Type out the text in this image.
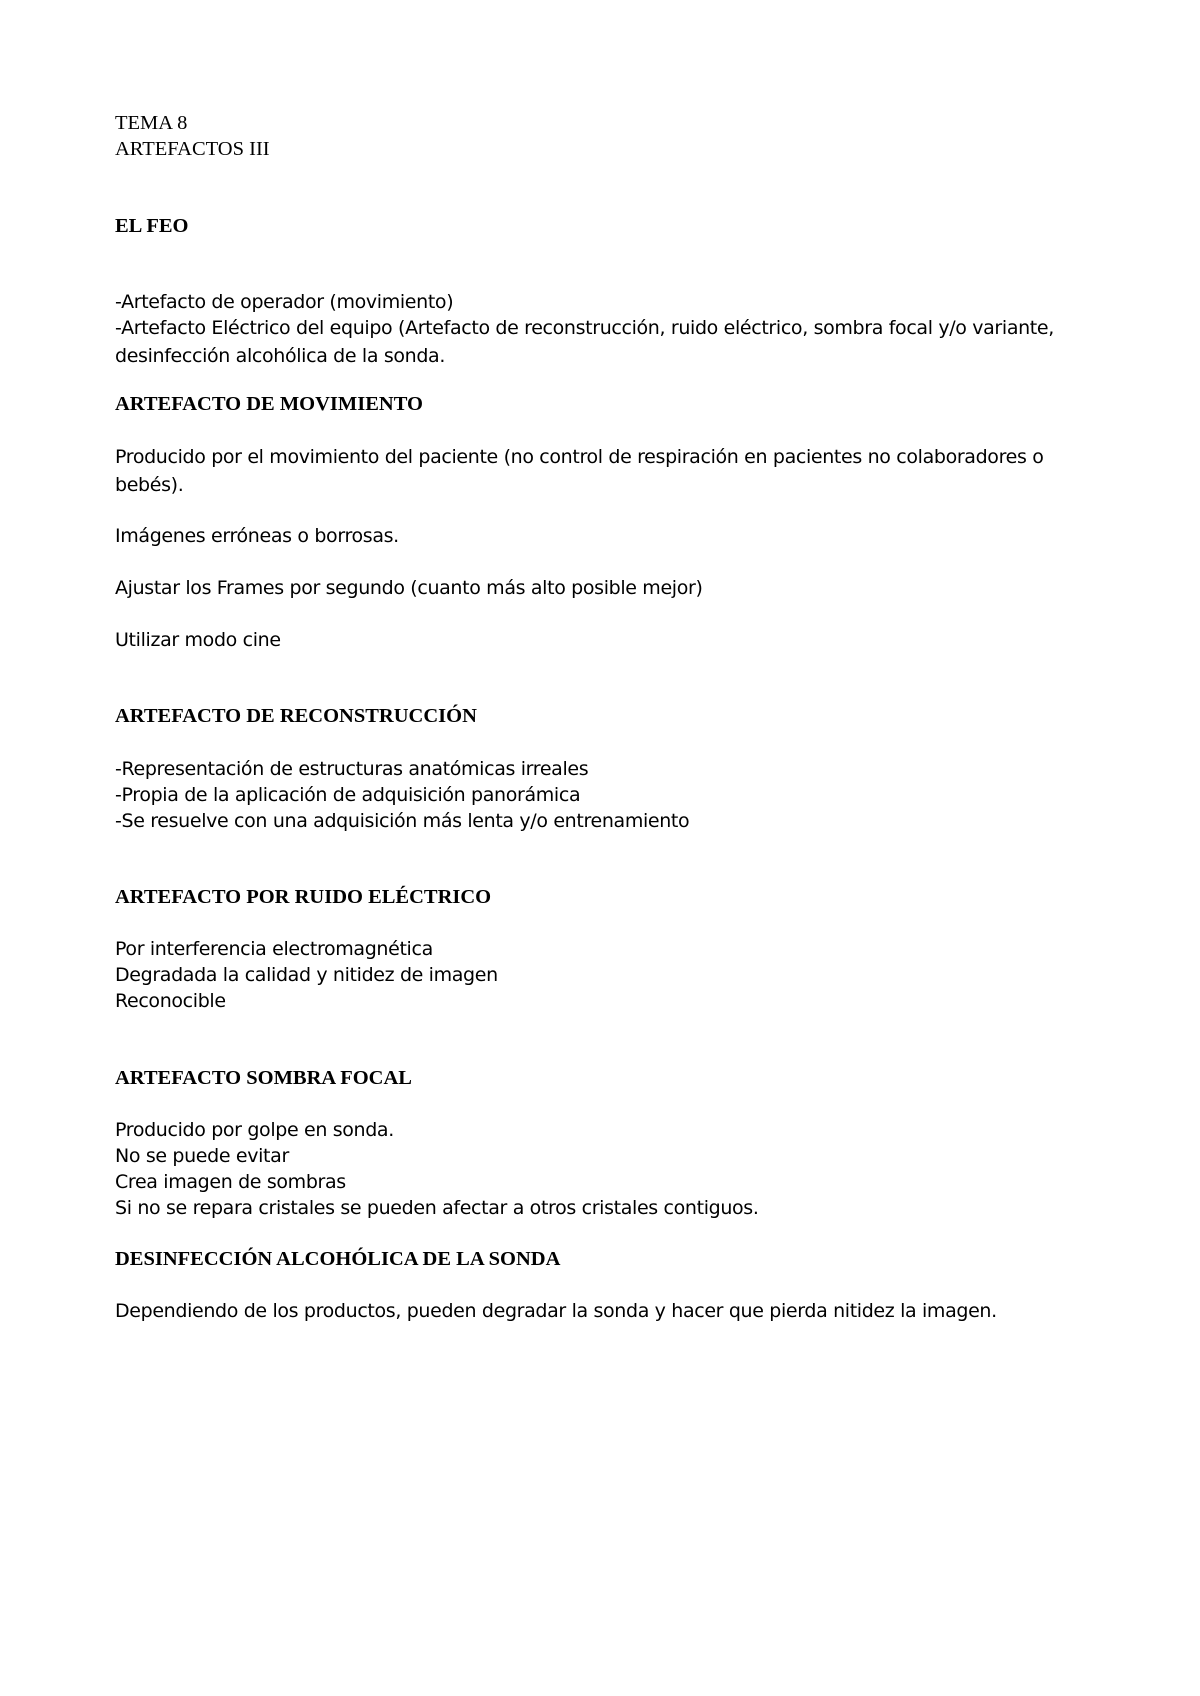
TEMA 8
ARTEFACTOS III
EL FEO
-Artefacto de operador (movimiento)
-Artefacto Eléctrico del equipo (Artefacto de reconstrucción, ruido eléctrico, sombra focal y/o variante, desinfección alcohólica de la sonda.
ARTEFACTO DE MOVIMIENTO
Producido por el movimiento del paciente (no control de respiración en pacientes no colaboradores o bebés).
Imágenes erróneas o borrosas.
Ajustar los Frames por segundo (cuanto más alto posible mejor)
Utilizar modo cine
ARTEFACTO DE RECONSTRUCCIÓN
-Representación de estructuras anatómicas irreales
-Propia de la aplicación de adquisición panorámica
-Se resuelve con una adquisición más lenta y/o entrenamiento
ARTEFACTO POR RUIDO ELÉCTRICO
Por interferencia electromagnética
Degradada la calidad y nitidez de imagen
Reconocible
ARTEFACTO SOMBRA FOCAL
Producido por golpe en sonda.
No se puede evitar
Crea imagen de sombras
Si no se repara cristales se pueden afectar a otros cristales contiguos.
DESINFECCIÓN ALCOHÓLICA DE LA SONDA
Dependiendo de los productos, pueden degradar la sonda y hacer que pierda nitidez la imagen.
